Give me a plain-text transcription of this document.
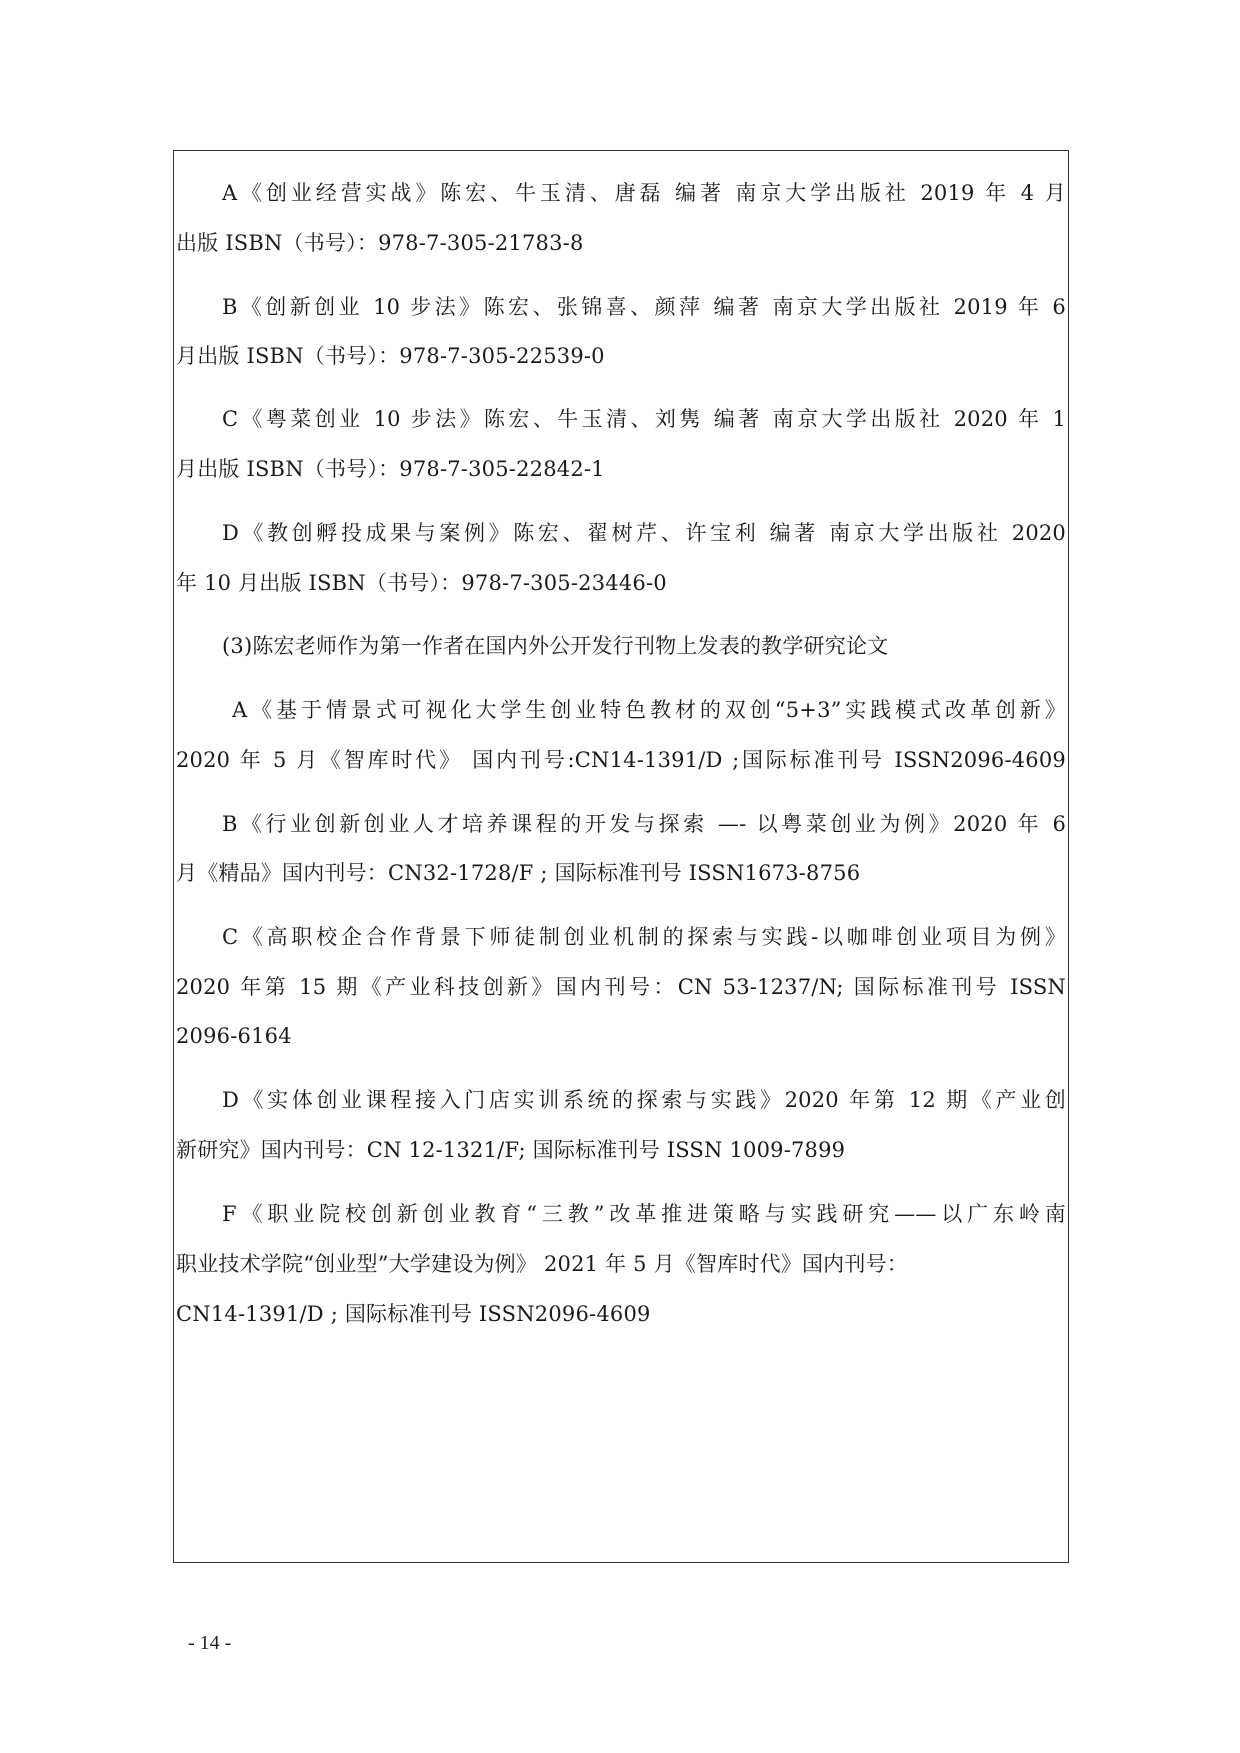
A《创业经营实战》陈宏、牛玉清、唐磊 编著 南京大学出版社 2019 年 4 月
出版 ISBN（书号）：978-7-305-21783-8
B《创新创业 10 步法》陈宏、张锦喜、颜萍 编著 南京大学出版社 2019 年 6
月出版 ISBN（书号）：978-7-305-22539-0
C《粤菜创业 10 步法》陈宏、牛玉清、刘隽 编著 南京大学出版社 2020 年 1
月出版 ISBN（书号）：978-7-305-22842-1
D《教创孵投成果与案例》陈宏、翟树芹、许宝利 编著 南京大学出版社 2020
年 10 月出版 ISBN（书号）：978-7-305-23446-0
(3)陈宏老师作为第一作者在国内外公开发行刊物上发表的教学研究论文
A《基于情景式可视化大学生创业特色教材的双创“5+3”实践模式改革创新》
2020 年 5 月《智库时代》 国内刊号:CN14-1391/D ;国际标准刊号 ISSN2096-4609
B《行业创新创业人才培养课程的开发与探索 —- 以粤菜创业为例》2020 年 6
月《精品》国内刊号：CN32-1728/F ; 国际标准刊号 ISSN1673-8756
C《高职校企合作背景下师徒制创业机制的探索与实践-以咖啡创业项目为例》
2020 年第 15 期《产业科技创新》国内刊号：CN 53-1237/N; 国际标准刊号 ISSN
2096-6164
D《实体创业课程接入门店实训系统的探索与实践》2020 年第 12 期《产业创
新研究》国内刊号：CN 12-1321/F; 国际标准刊号 ISSN 1009-7899
F《职业院校创新创业教育“三教”改革推进策略与实践研究——以广东岭南
职业技术学院“创业型”大学建设为例》 2021 年 5 月《智库时代》国内刊号：
CN14-1391/D ; 国际标准刊号 ISSN2096-4609
- 14 -
